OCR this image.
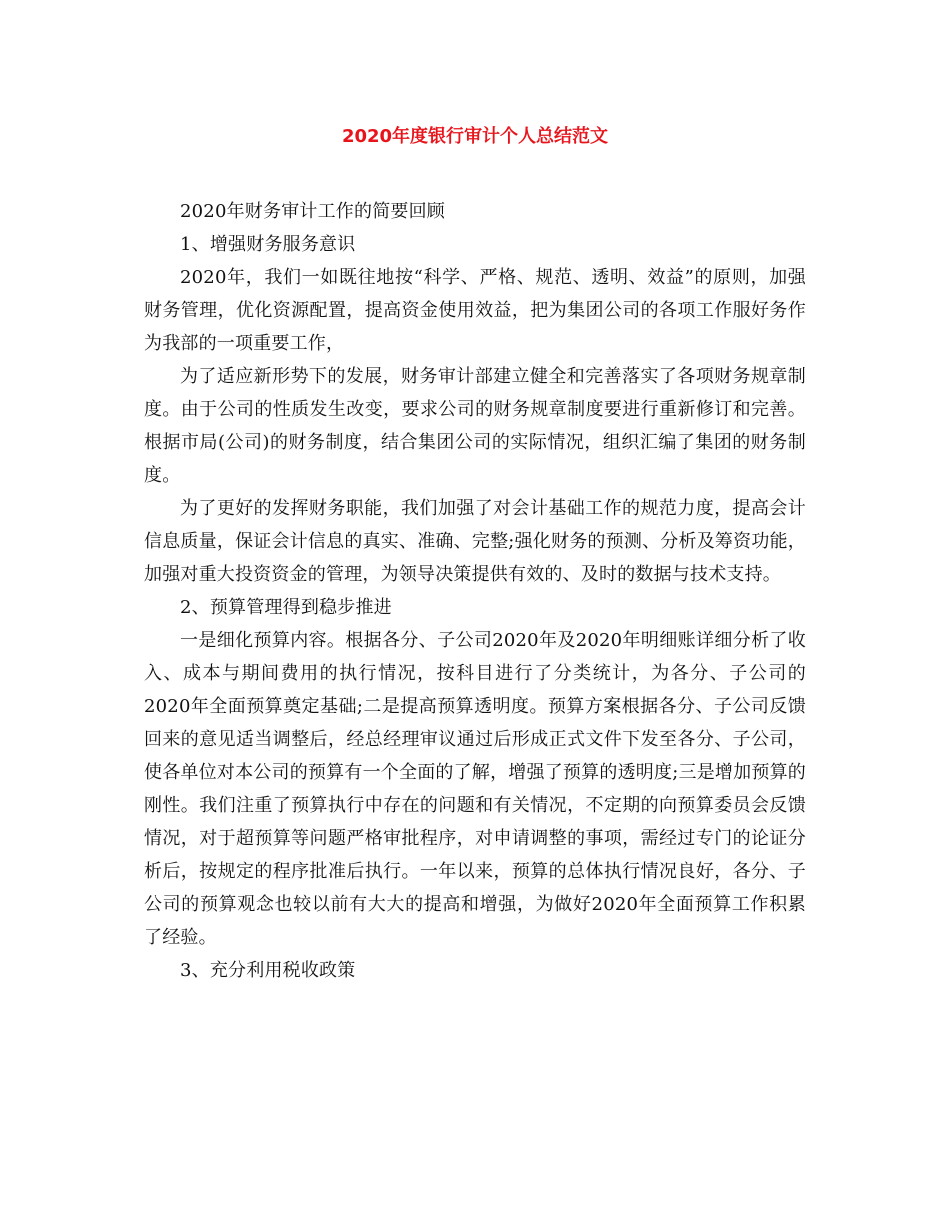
2020年度银行审计个人总结范文

2020年财务审计工作的简要回顾

1、增强财务服务意识

2020年，我们一如既往地按“科学、严格、规范、透明、效益”的原则，加强财务管理，优化资源配置，提高资金使用效益，把为集团公司的各项工作服好务作为我部的一项重要工作，

为了适应新形势下的发展，财务审计部建立健全和完善落实了各项财务规章制度。由于公司的性质发生改变，要求公司的财务规章制度要进行重新修订和完善。根据市局(公司)的财务制度，结合集团公司的实际情况，组织汇编了集团的财务制度。

为了更好的发挥财务职能，我们加强了对会计基础工作的规范力度，提高会计信息质量，保证会计信息的真实、准确、完整;强化财务的预测、分析及筹资功能，加强对重大投资资金的管理，为领导决策提供有效的、及时的数据与技术支持。

2、预算管理得到稳步推进

一是细化预算内容。根据各分、子公司2020年及2020年明细账详细分析了收入、成本与期间费用的执行情况，按科目进行了分类统计，为各分、子公司的2020年全面预算奠定基础;二是提高预算透明度。预算方案根据各分、子公司反馈回来的意见适当调整后，经总经理审议通过后形成正式文件下发至各分、子公司，使各单位对本公司的预算有一个全面的了解，增强了预算的透明度;三是增加预算的刚性。我们注重了预算执行中存在的问题和有关情况，不定期的向预算委员会反馈情况，对于超预算等问题严格审批程序，对申请调整的事项，需经过专门的论证分析后，按规定的程序批准后执行。一年以来，预算的总体执行情况良好，各分、子公司的预算观念也较以前有大大的提高和增强，为做好2020年全面预算工作积累了经验。

3、充分利用税收政策
